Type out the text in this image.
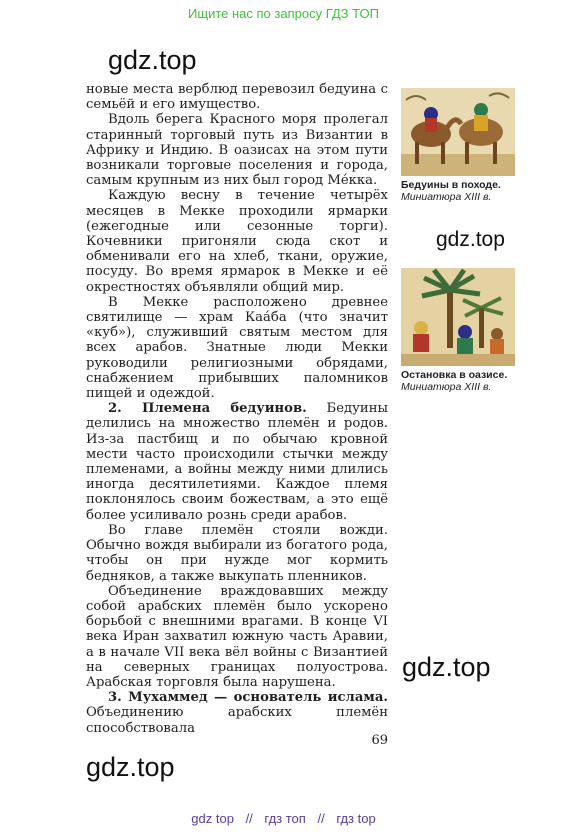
Ищите нас по запросу ГДЗ ТОП
gdz.top
gdz.top
gdz.top
gdz.top

новые места верблюд перевозил бедуина с семьёй и его имущество.

Вдоль берега Красного моря пролегал старинный торговый путь из Византии в Африку и Индию. В оазисах на этом пути возникали торговые поселения и города, самым крупным из них был город Ме́кка.

Каждую весну в течение четырёх месяцев в Мекке проходили ярмарки (ежегодные или сезонные торги). Кочевники пригоняли сюда скот и обменивали его на хлеб, ткани, оружие, посуду. Во время ярмарок в Мекке и её окрестностях объявляли общий мир.

В Мекке расположено древнее святилище — храм Каа́ба (что значит «куб»), служивший святым местом для всех арабов. Знатные люди Мекки руководили религиозными обрядами, снабжением прибывших паломников пищей и одеждой.

2. Племена бедуинов. Бедуины делились на множество племён и родов. Из-за пастбищ и по обычаю кровной мести часто происходили стычки между племенами, а войны между ними длились иногда десятилетиями. Каждое племя поклонялось своим божествам, а это ещё более усиливало рознь среди арабов.

Во главе племён стояли вожди. Обычно вождя выбирали из богатого рода, чтобы он при нужде мог кормить бедняков, а также выкупать пленников.

Объединение враждовавших между собой арабских племён было ускорено борьбой с внешними врагами. В конце VI века Иран захватил южную часть Аравии, а в начале VII века вёл войны с Византией на северных границах полуострова. Арабская торговля была нарушена.

3. Мухаммед — основатель ислама. Объединению арабских племён способствовала

69
Бедуины в походе.
Миниатюра XIII в.
Остановка в оазисе.
Миниатюра XIII в.
gdz top // гдз топ // гдз top
